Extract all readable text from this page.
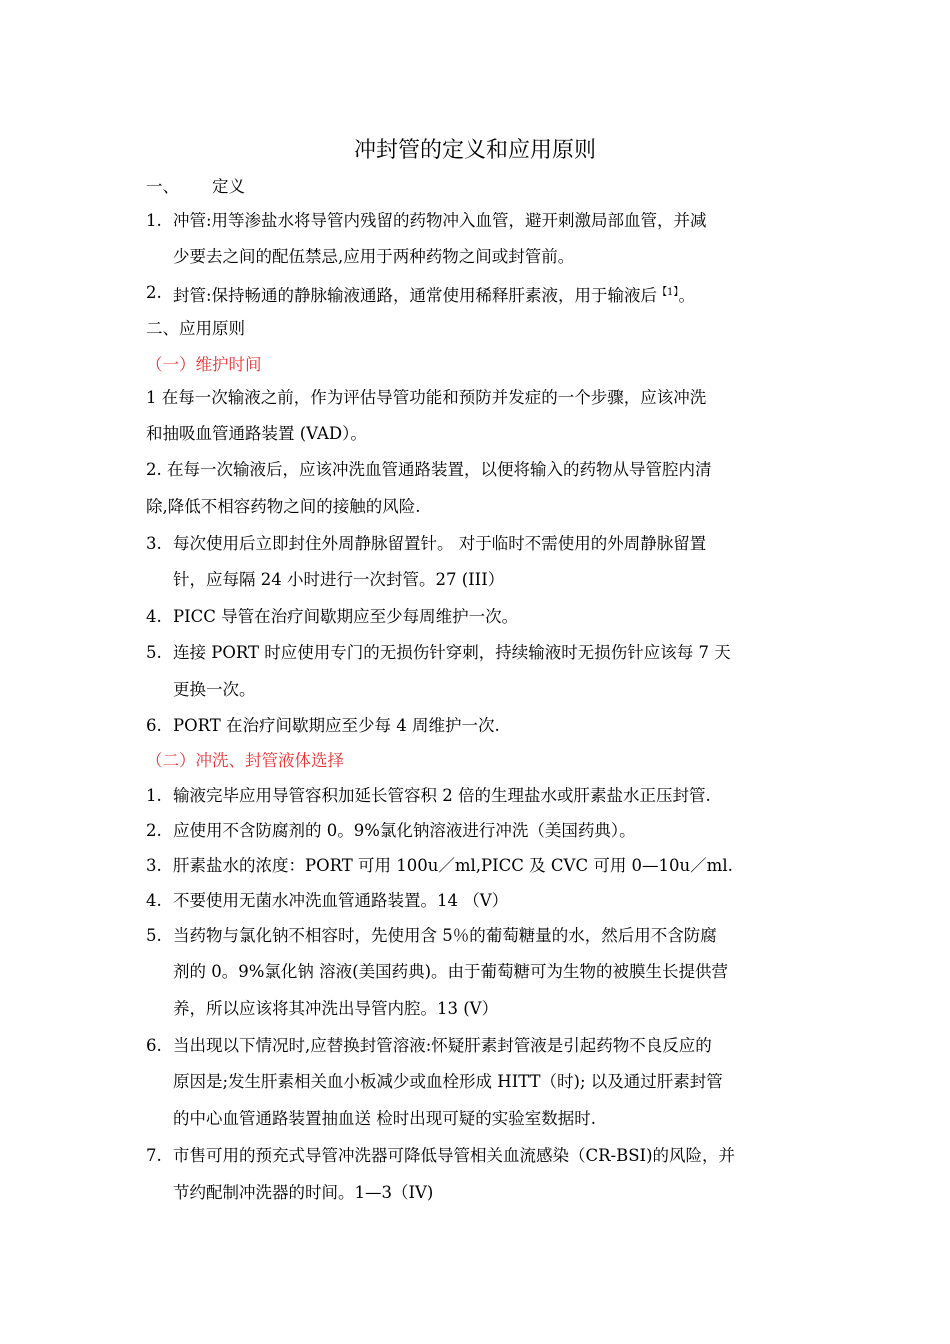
冲封管的定义和应用原则
一、 定义
1. 冲管:用等渗盐水将导管内残留的药物冲入血管，避开刺激局部血管，并减
少要去之间的配伍禁忌,应用于两种药物之间或封管前。
2. 封管:保持畅通的静脉输液通路，通常使用稀释肝素液，用于输液后$^{【1】}$。
二、应用原则
（一）维护时间
1 在每一次输液之前，作为评估导管功能和预防并发症的一个步骤，应该冲洗
和抽吸血管通路装置 (VAD）。
2. 在每一次输液后，应该冲洗血管通路装置，以便将输入的药物从导管腔内清
除,降低不相容药物之间的接触的风险.
3. 每次使用后立即封住外周静脉留置针。 对于临时不需使用的外周静脉留置
针，应每隔 24 小时进行一次封管。27 (III）
4. PICC 导管在治疗间歇期应至少每周维护一次。
5. 连接 PORT 时应使用专门的无损伤针穿刺，持续输液时无损伤针应该每 7 天
更换一次。
6. PORT 在治疗间歇期应至少每 4 周维护一次.
（二）冲洗、封管液体选择
1. 输液完毕应用导管容积加延长管容积 2 倍的生理盐水或肝素盐水正压封管.
2. 应使用不含防腐剂的 0。9%氯化钠溶液进行冲洗（美国药典）。
3. 肝素盐水的浓度：PORT 可用 100u／ml,PICC 及 CVC 可用 0—10u／ml.
4. 不要使用无菌水冲洗血管通路装置。14 （V）
5. 当药物与氯化钠不相容时，先使用含 5％的葡萄糖量的水，然后用不含防腐
剂的 0。9%氯化钠 溶液(美国药典)。由于葡萄糖可为生物的被膜生长提供营
养，所以应该将其冲洗出导管内腔。13 (V）
6. 当出现以下情况时,应替换封管溶液:怀疑肝素封管液是引起药物不良反应的
原因是;发生肝素相关血小板减少或血栓形成 HITT（时); 以及通过肝素封管
的中心血管通路装置抽血送 检时出现可疑的实验室数据时.
7. 市售可用的预充式导管冲洗器可降低导管相关血流感染（CR-BSI)的风险，并
节约配制冲洗器的时间。1—3（IV)
